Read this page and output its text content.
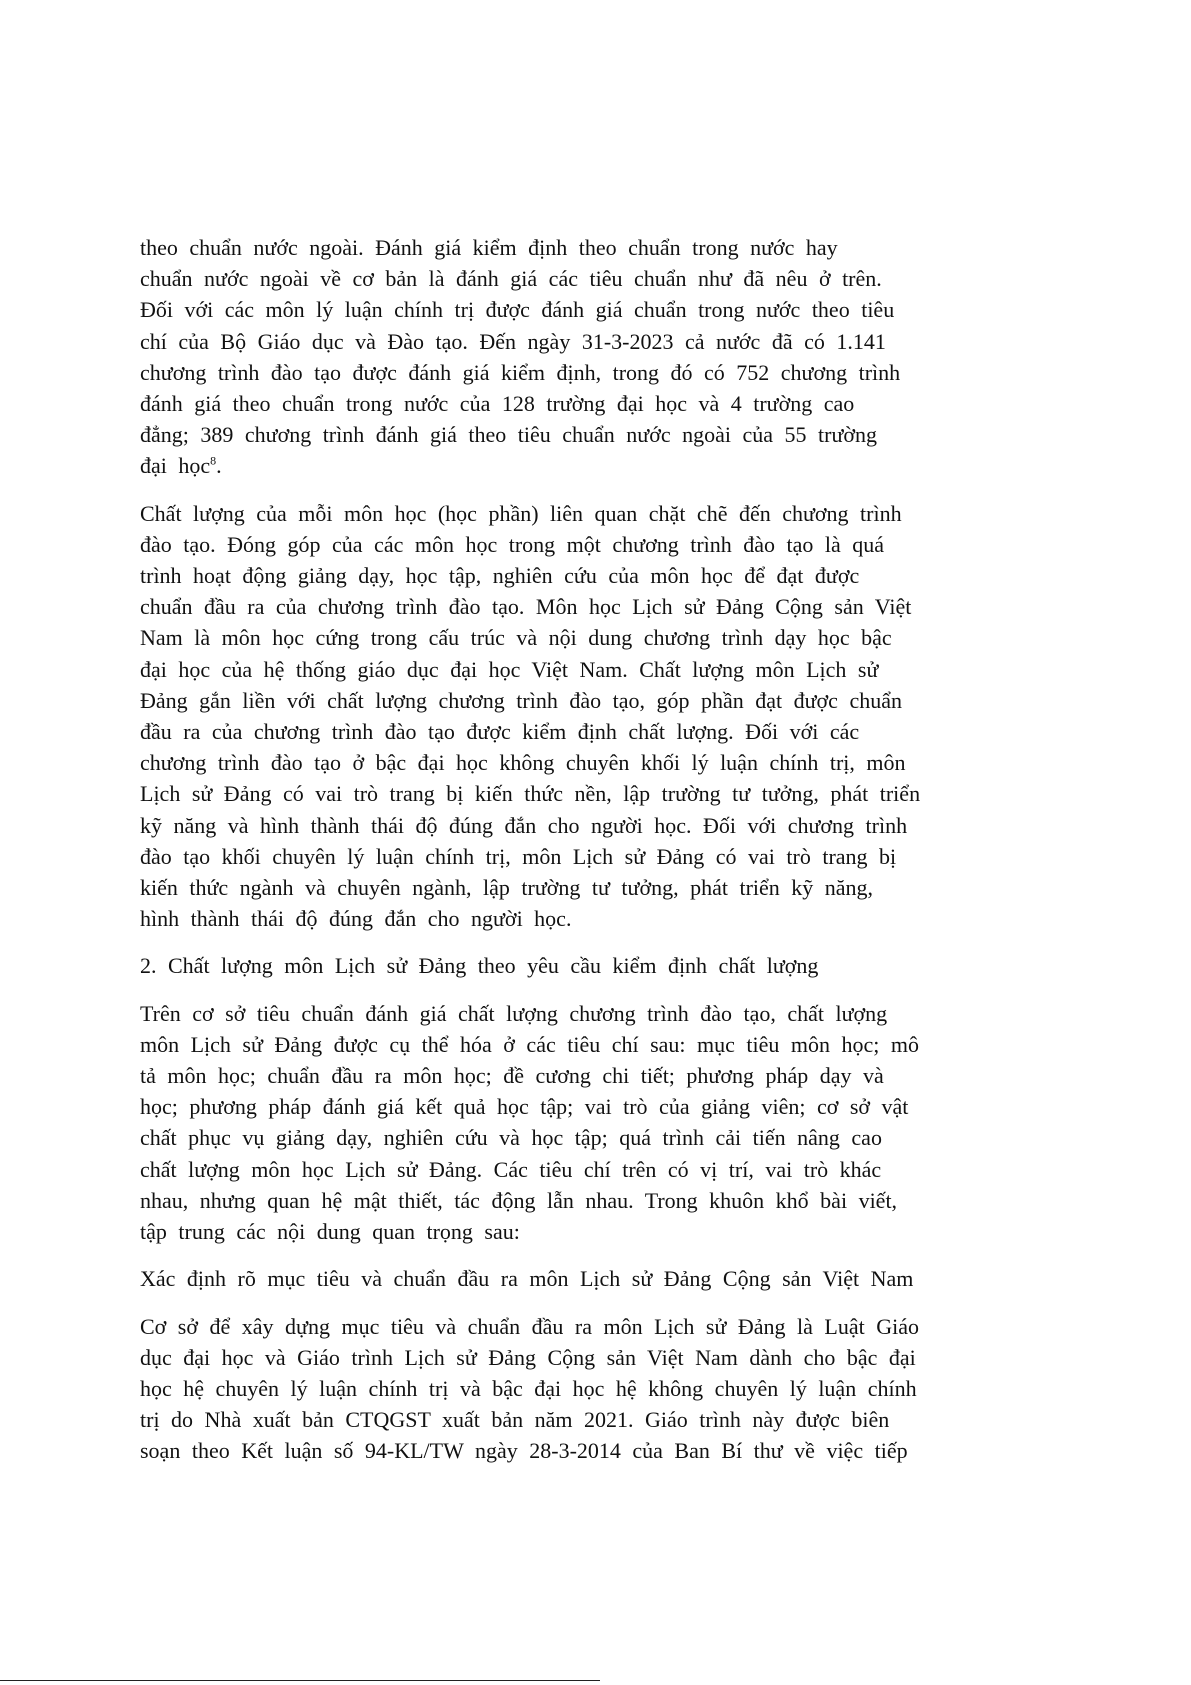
theo chuẩn nước ngoài. Đánh giá kiểm định theo chuẩn trong nước hay
chuẩn nước ngoài về cơ bản là đánh giá các tiêu chuẩn như đã nêu ở trên.
Đối với các môn lý luận chính trị được đánh giá chuẩn trong nước theo tiêu
chí của Bộ Giáo dục và Đào tạo. Đến ngày 31-3-2023 cả nước đã có 1.141
chương trình đào tạo được đánh giá kiểm định, trong đó có 752 chương trình
đánh giá theo chuẩn trong nước của 128 trường đại học và 4 trường cao
đẳng; 389 chương trình đánh giá theo tiêu chuẩn nước ngoài của 55 trường
đại học$^8$.
Chất lượng của mỗi môn học (học phần) liên quan chặt chẽ đến chương trình
đào tạo. Đóng góp của các môn học trong một chương trình đào tạo là quá
trình hoạt động giảng dạy, học tập, nghiên cứu của môn học để đạt được
chuẩn đầu ra của chương trình đào tạo. Môn học Lịch sử Đảng Cộng sản Việt
Nam là môn học cứng trong cấu trúc và nội dung chương trình dạy học bậc
đại học của hệ thống giáo dục đại học Việt Nam. Chất lượng môn Lịch sử
Đảng gắn liền với chất lượng chương trình đào tạo, góp phần đạt được chuẩn
đầu ra của chương trình đào tạo được kiểm định chất lượng. Đối với các
chương trình đào tạo ở bậc đại học không chuyên khối lý luận chính trị, môn
Lịch sử Đảng có vai trò trang bị kiến thức nền, lập trường tư tưởng, phát triển
kỹ năng và hình thành thái độ đúng đắn cho người học. Đối với chương trình
đào tạo khối chuyên lý luận chính trị, môn Lịch sử Đảng có vai trò trang bị
kiến thức ngành và chuyên ngành, lập trường tư tưởng, phát triển kỹ năng,
hình thành thái độ đúng đắn cho người học.
2. Chất lượng môn Lịch sử Đảng theo yêu cầu kiểm định chất lượng
Trên cơ sở tiêu chuẩn đánh giá chất lượng chương trình đào tạo, chất lượng
môn Lịch sử Đảng được cụ thể hóa ở các tiêu chí sau: mục tiêu môn học; mô
tả môn học; chuẩn đầu ra môn học; đề cương chi tiết; phương pháp dạy và
học; phương pháp đánh giá kết quả học tập; vai trò của giảng viên; cơ sở vật
chất phục vụ giảng dạy, nghiên cứu và học tập; quá trình cải tiến nâng cao
chất lượng môn học Lịch sử Đảng. Các tiêu chí trên có vị trí, vai trò khác
nhau, nhưng quan hệ mật thiết, tác động lẫn nhau. Trong khuôn khổ bài viết,
tập trung các nội dung quan trọng sau:
Xác định rõ mục tiêu và chuẩn đầu ra môn Lịch sử Đảng Cộng sản Việt Nam
Cơ sở để xây dựng mục tiêu và chuẩn đầu ra môn Lịch sử Đảng là Luật Giáo
dục đại học và Giáo trình Lịch sử Đảng Cộng sản Việt Nam dành cho bậc đại
học hệ chuyên lý luận chính trị và bậc đại học hệ không chuyên lý luận chính
trị do Nhà xuất bản CTQGST xuất bản năm 2021. Giáo trình này được biên
soạn theo Kết luận số 94-KL/TW ngày 28-3-2014 của Ban Bí thư về việc tiếp
